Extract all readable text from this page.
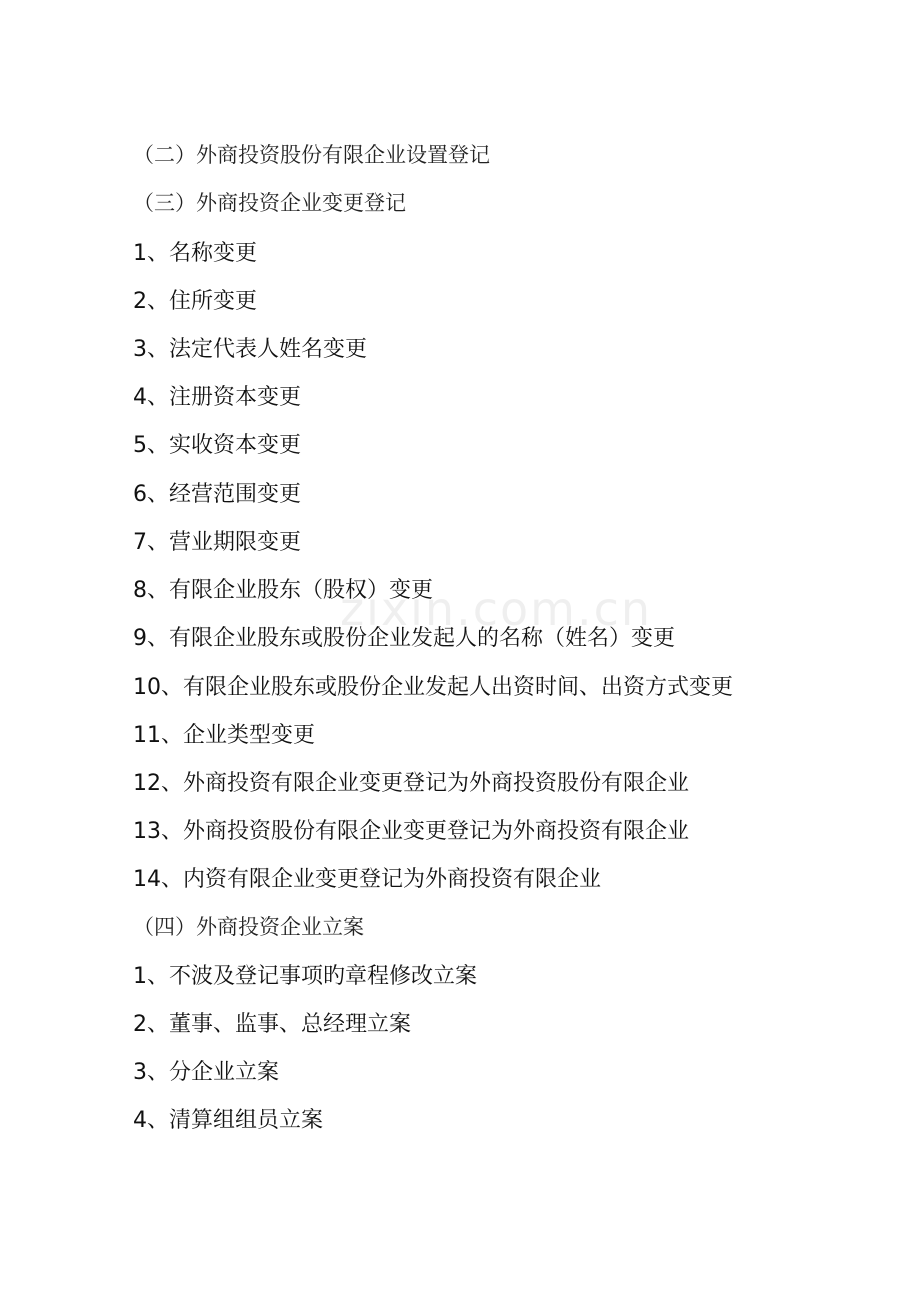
（二）外商投资股份有限企业设置登记
（三）外商投资企业变更登记
1、名称变更
2、住所变更
3、法定代表人姓名变更
4、注册资本变更
5、实收资本变更
6、经营范围变更
7、营业期限变更
8、有限企业股东（股权）变更
9、有限企业股东或股份企业发起人的名称（姓名）变更
10、有限企业股东或股份企业发起人出资时间、出资方式变更
11、企业类型变更
12、外商投资有限企业变更登记为外商投资股份有限企业
13、外商投资股份有限企业变更登记为外商投资有限企业
14、内资有限企业变更登记为外商投资有限企业
（四）外商投资企业立案
1、不波及登记事项旳章程修改立案
2、董事、监事、总经理立案
3、分企业立案
4、清算组组员立案
zixin.com.cn
